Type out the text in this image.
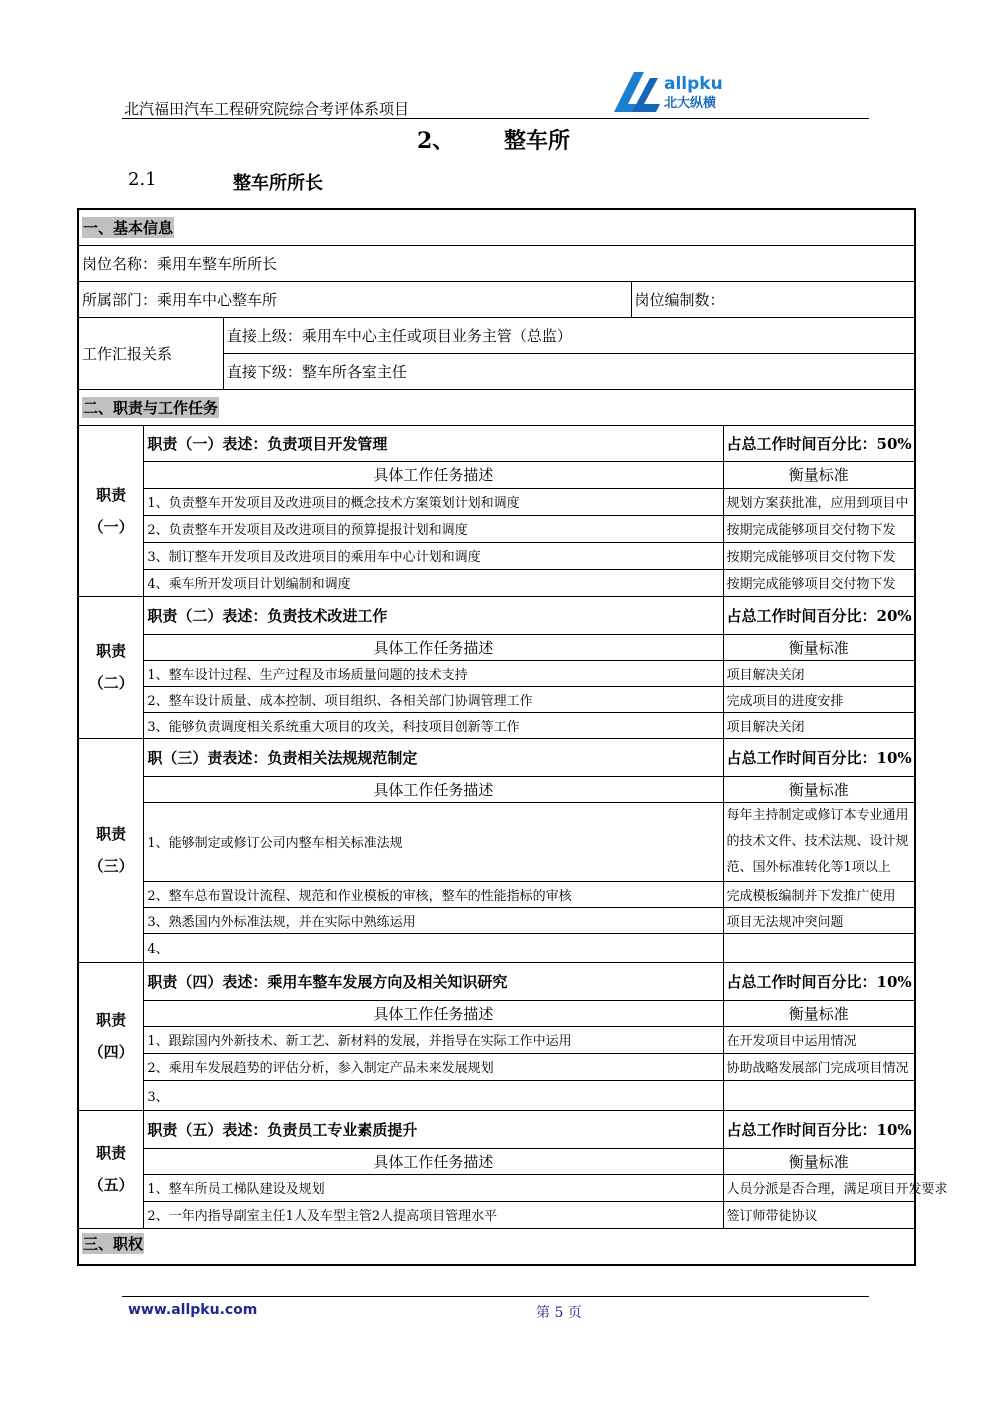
北汽福田汽车工程研究院综合考评体系项目
allpku
北大纵横
2、 整车所
2.1	整车所所长
一、基本信息				
岗位名称：乘用车整车所所长				
所属部门：乘用车中心整车所			岗位编制数：	
工作汇报关系		直接上级：乘用车中心主任或项目业务主管（总监）		
		直接下级：整车所各室主任		
二、职责与工作任务				
职责（一）	职责（一）表述：负责项目开发管理			占总工作时间百分比：50%
	具体工作任务描述			衡量标准
	1、负责整车开发项目及改进项目的概念技术方案策划计划和调度			规划方案获批准，应用到项目中
	2、负责整车开发项目及改进项目的预算提报计划和调度			按期完成能够项目交付物下发
	3、制订整车开发项目及改进项目的乘用车中心计划和调度			按期完成能够项目交付物下发
	4、乘车所开发项目计划编制和调度			按期完成能够项目交付物下发
职责（二）	职责（二）表述：负责技术改进工作			占总工作时间百分比：20%
	具体工作任务描述			衡量标准
	1、整车设计过程、生产过程及市场质量问题的技术支持			项目解决关闭
	2、整车设计质量、成本控制、项目组织、各相关部门协调管理工作			完成项目的进度安排
	3、能够负责调度相关系统重大项目的攻关，科技项目创新等工作			项目解决关闭
职责（三）	职（三）责表述：负责相关法规规范制定			占总工作时间百分比：10%
	具体工作任务描述			衡量标准
	1、能够制定或修订公司内整车相关标准法规			每年主持制定或修订本专业通用的技术文件、技术法规、设计规范、国外标准转化等1项以上
	2、整车总布置设计流程、规范和作业模板的审核，整车的性能指标的审核			完成模板编制并下发推广使用
	3、熟悉国内外标准法规，并在实际中熟练运用			项目无法规冲突问题
	4、			
职责（四）	职责（四）表述：乘用车整车发展方向及相关知识研究			占总工作时间百分比：10%
	具体工作任务描述			衡量标准
	1、跟踪国内外新技术、新工艺、新材料的发展，并指导在实际工作中运用			在开发项目中运用情况
	2、乘用车发展趋势的评估分析，参入制定产品未来发展规划			协助战略发展部门完成项目情况
	3、			
职责（五）	职责（五）表述：负责员工专业素质提升			占总工作时间百分比：10%
	具体工作任务描述			衡量标准
	1、整车所员工梯队建设及规划			人员分派是否合理，满足项目开发要求
	2、一年内指导副室主任1人及车型主管2人提高项目管理水平			签订师带徒协议
三、职权				
www.allpku.com	第 5 页
